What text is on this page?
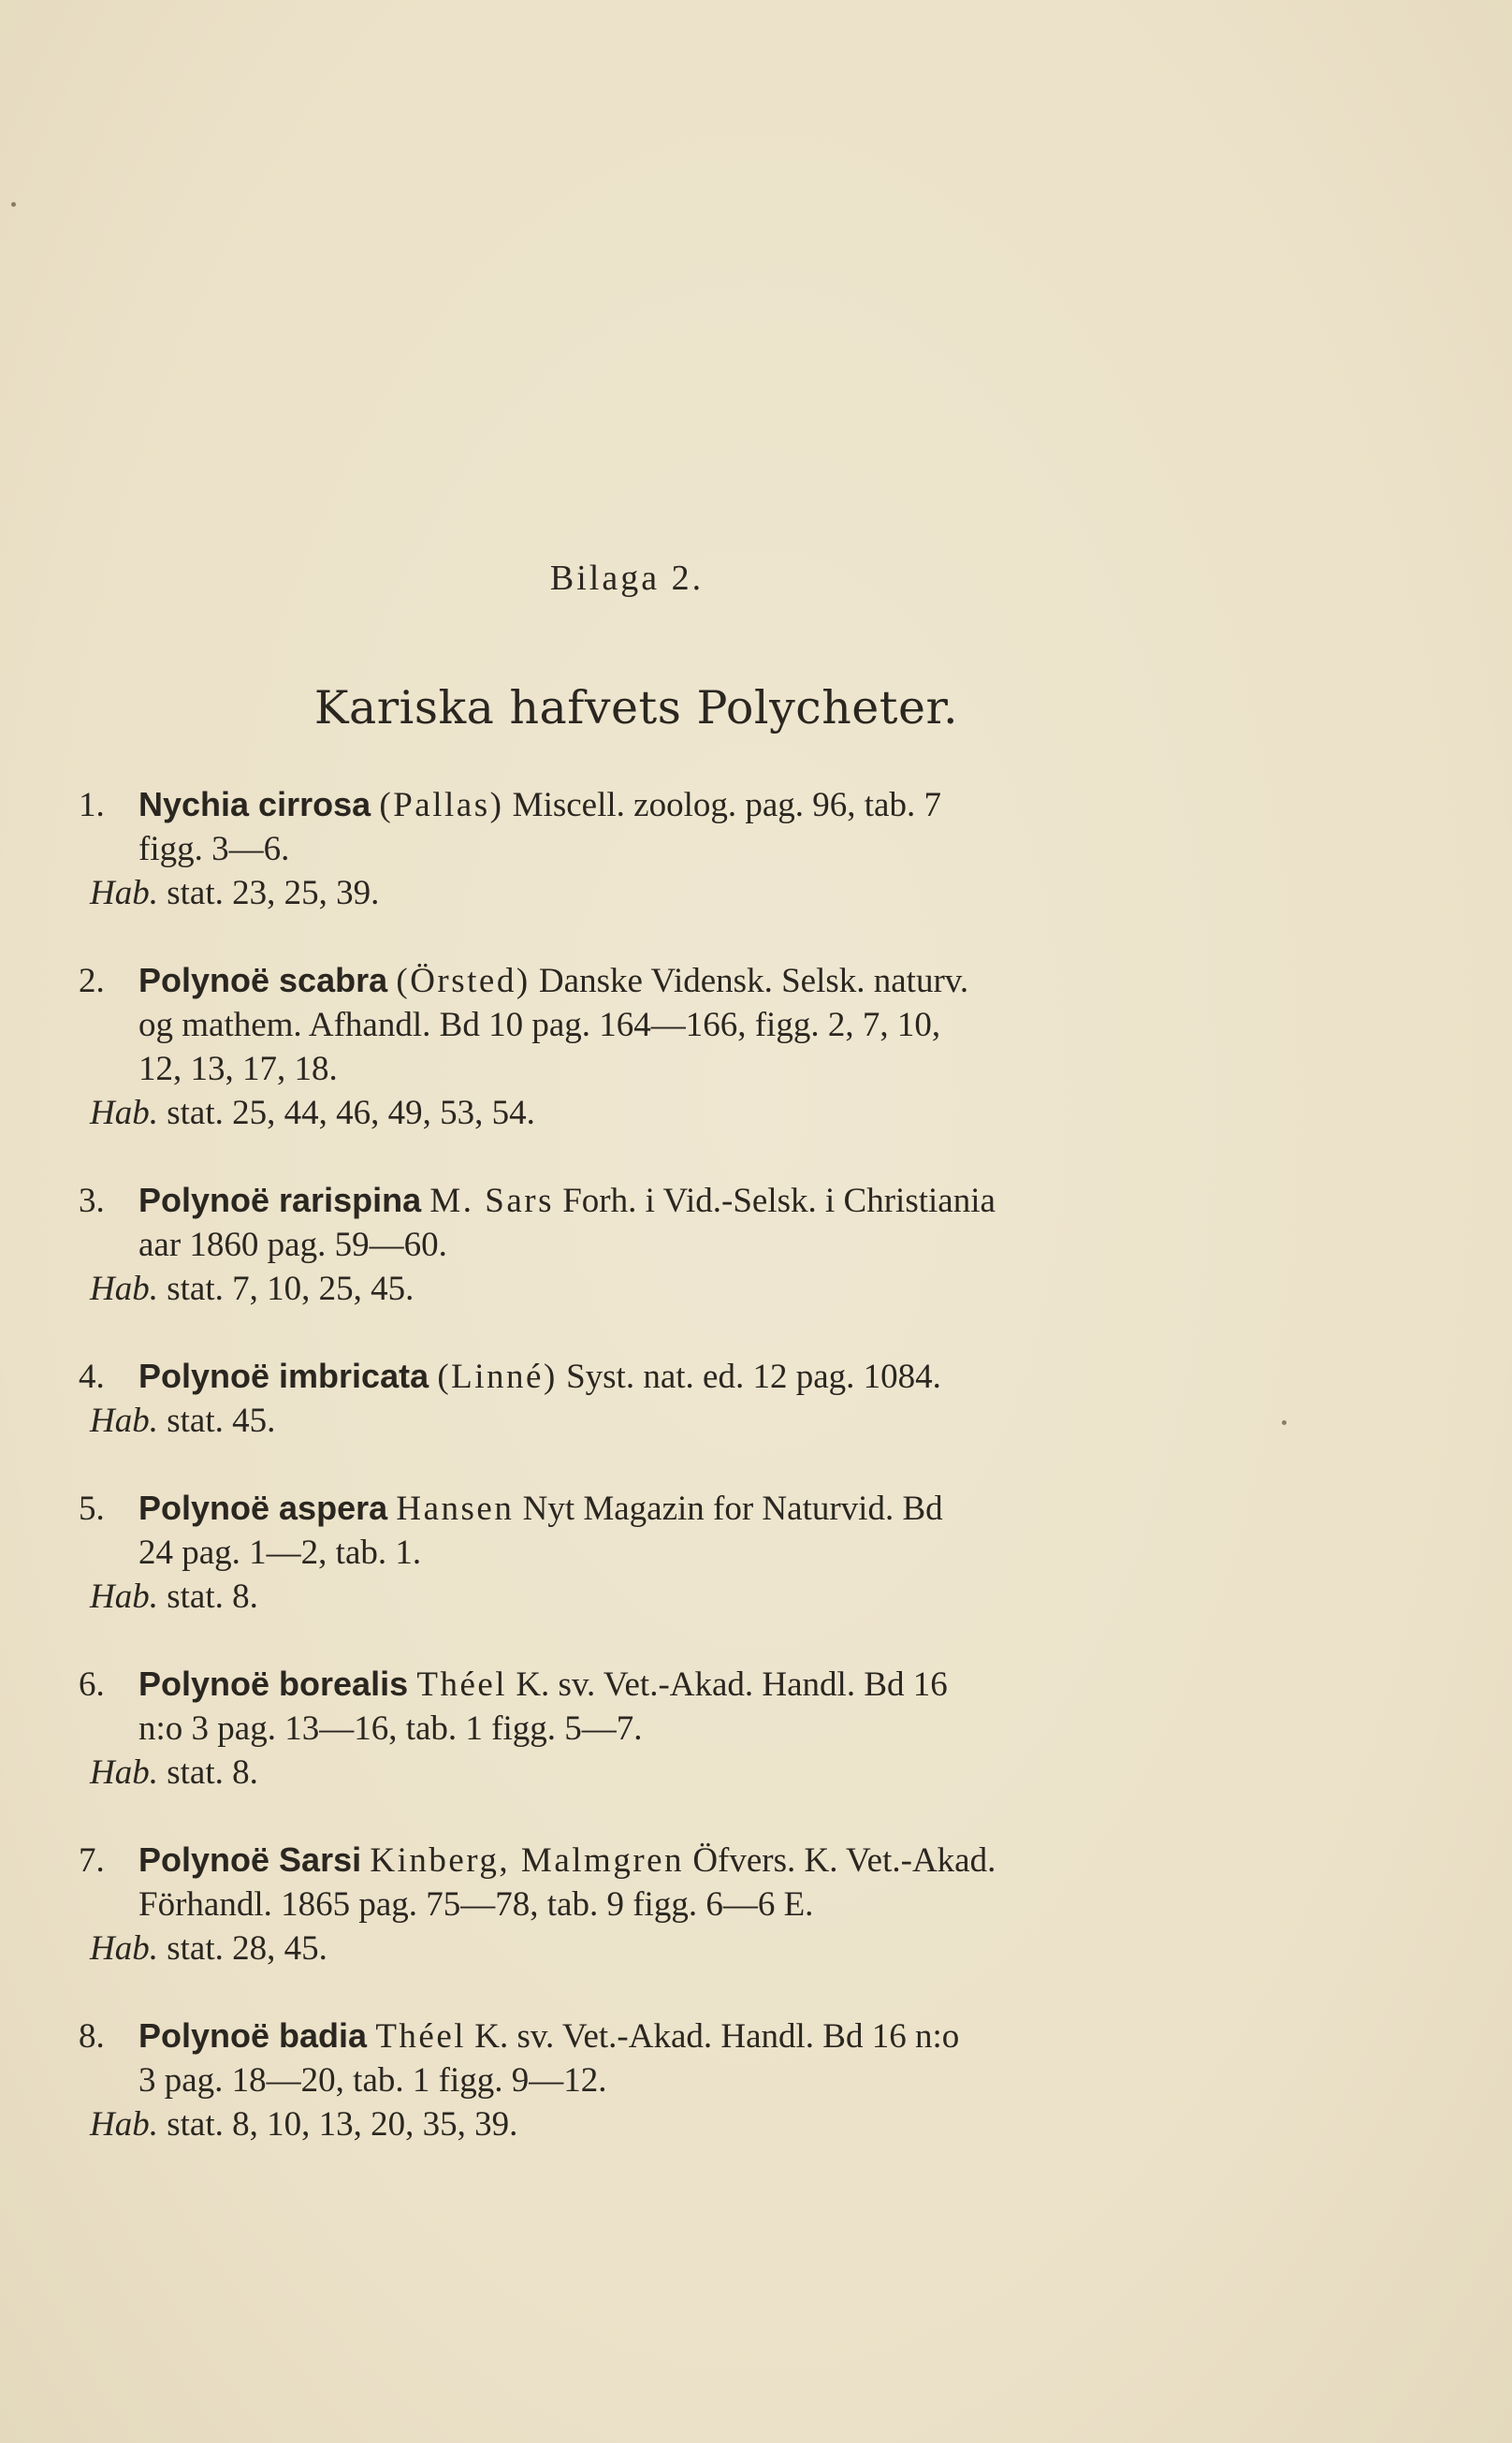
Bilaga 2.
Kariska hafvets Polycheter.
1. Nychia cirrosa (Pallas) Miscell. zoolog. pag. 96, tab. 7
figg. 3—6.
Hab. stat. 23, 25, 39.
2. Polynoë scabra (Örsted) Danske Vidensk. Selsk. naturv.
og mathem. Afhandl. Bd 10 pag. 164—166, figg. 2, 7, 10,
12, 13, 17, 18.
Hab. stat. 25, 44, 46, 49, 53, 54.
3. Polynoë rarispina M. Sars Forh. i Vid.-Selsk. i Christiania
aar 1860 pag. 59—60.
Hab. stat. 7, 10, 25, 45.
4. Polynoë imbricata (Linné) Syst. nat. ed. 12 pag. 1084.
Hab. stat. 45.
5. Polynoë aspera Hansen Nyt Magazin for Naturvid. Bd
24 pag. 1—2, tab. 1.
Hab. stat. 8.
6. Polynoë borealis Théel K. sv. Vet.-Akad. Handl. Bd 16
n:o 3 pag. 13—16, tab. 1 figg. 5—7.
Hab. stat. 8.
7. Polynoë Sarsi Kinberg, Malmgren Öfvers. K. Vet.-Akad.
Förhandl. 1865 pag. 75—78, tab. 9 figg. 6—6 E.
Hab. stat. 28, 45.
8. Polynoë badia Théel K. sv. Vet.-Akad. Handl. Bd 16 n:o
3 pag. 18—20, tab. 1 figg. 9—12.
Hab. stat. 8, 10, 13, 20, 35, 39.
